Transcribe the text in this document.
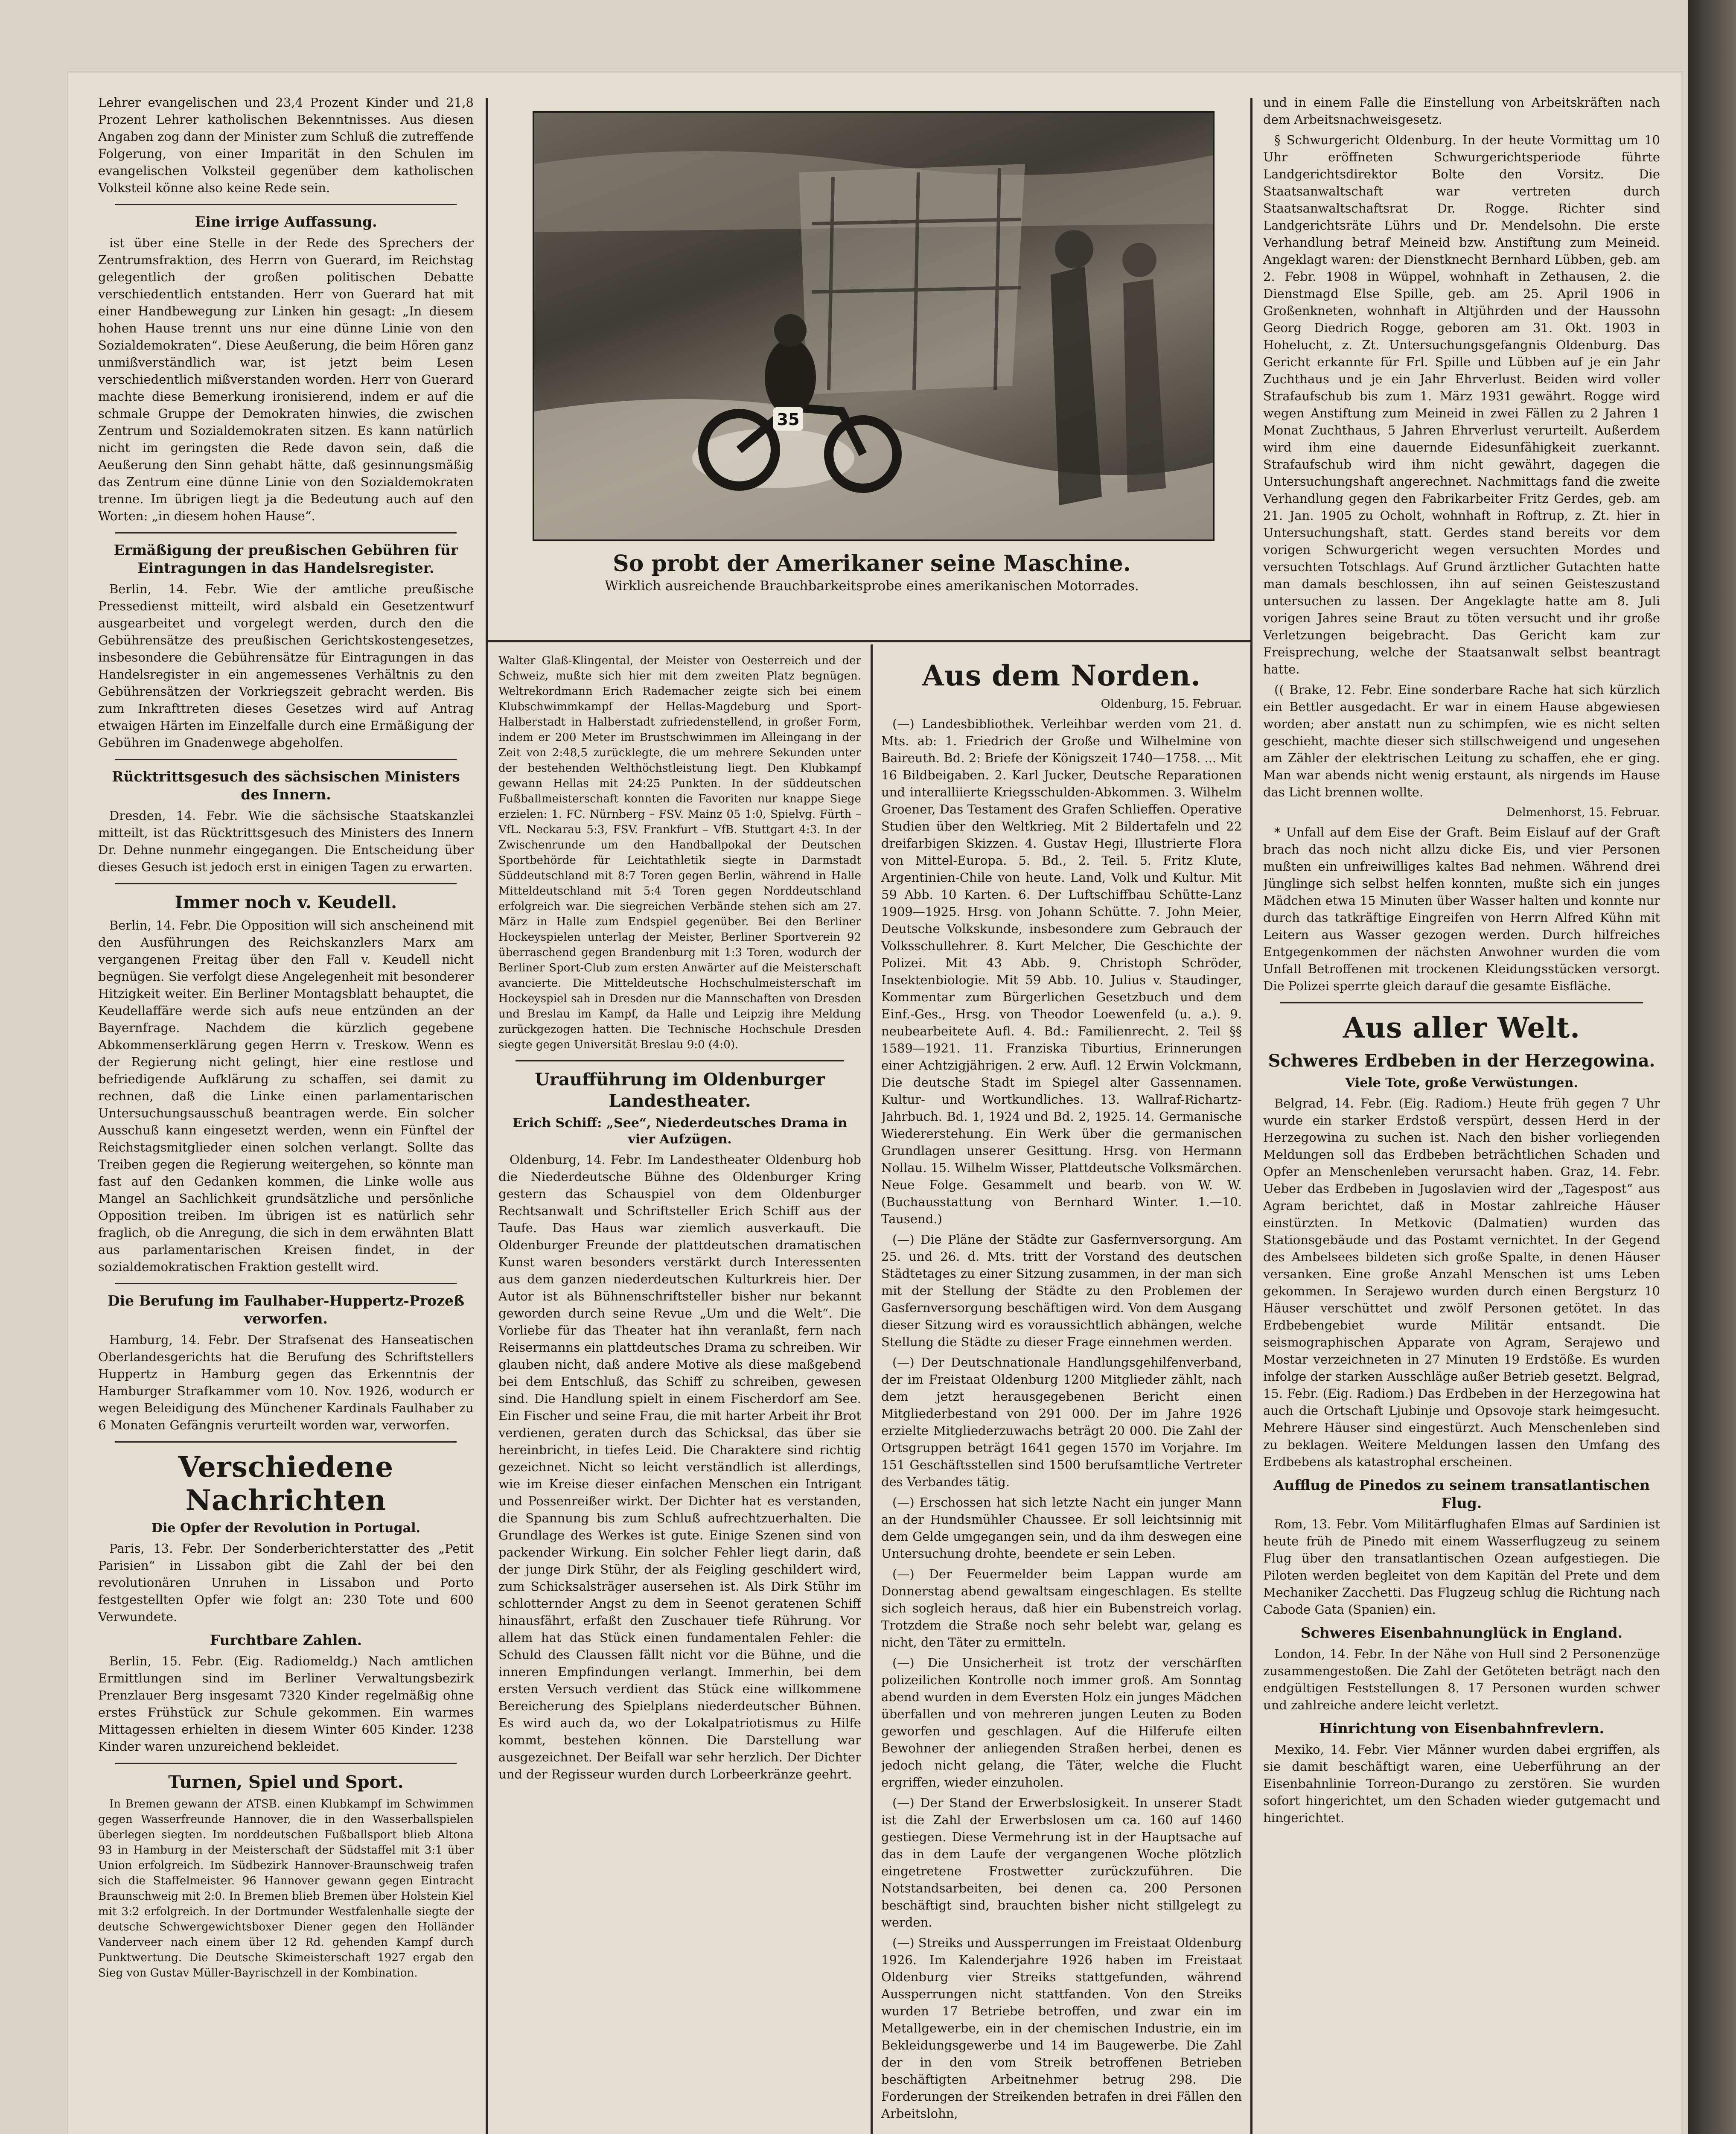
35
So probt der Amerikaner seine Maschine.
Wirklich ausreichende Brauchbarkeitsprobe eines amerikanischen Motorrades.

Lehrer evangelischen und 23,4 Prozent Kinder und 21,8 Prozent Lehrer katholischen Bekenntnisses. Aus diesen Angaben zog dann der Minister zum Schluß die zutreffende Folgerung, von einer Imparität in den Schulen im evangelischen Volksteil gegenüber dem katholischen Volksteil könne also keine Rede sein.

Eine irrige Auffassung.

ist über eine Stelle in der Rede des Sprechers der Zentrumsfraktion, des Herrn von Guerard, im Reichstag gelegentlich der großen politischen Debatte verschiedentlich entstanden. Herr von Guerard hat mit einer Handbewegung zur Linken hin gesagt: „In diesem hohen Hause trennt uns nur eine dünne Linie von den Sozialdemokraten“. Diese Aeußerung, die beim Hören ganz unmißverständlich war, ist jetzt beim Lesen verschiedentlich mißverstanden worden. Herr von Guerard machte diese Bemerkung ironisierend, indem er auf die schmale Gruppe der Demokraten hinwies, die zwischen Zentrum und Sozialdemokraten sitzen. Es kann natürlich nicht im geringsten die Rede davon sein, daß die Aeußerung den Sinn gehabt hätte, daß gesinnungsmäßig das Zentrum eine dünne Linie von den Sozialdemokraten trenne. Im übrigen liegt ja die Bedeutung auch auf den Worten: „in diesem hohen Hause“.

Ermäßigung der preußischen Gebühren für Eintragungen in das Handelsregister.

Berlin, 14. Febr. Wie der amtliche preußische Pressedienst mitteilt, wird alsbald ein Gesetzentwurf ausgearbeitet und vorgelegt werden, durch den die Gebührensätze des preußischen Gerichtskostengesetzes, insbesondere die Gebührensätze für Eintragungen in das Handelsregister in ein angemessenes Verhältnis zu den Gebührensätzen der Vorkriegszeit gebracht werden. Bis zum Inkrafttreten dieses Gesetzes wird auf Antrag etwaigen Härten im Einzelfalle durch eine Ermäßigung der Gebühren im Gnadenwege abgeholfen.

Rücktrittsgesuch des sächsischen Ministers des Innern.

Dresden, 14. Febr. Wie die sächsische Staatskanzlei mitteilt, ist das Rücktrittsgesuch des Ministers des Innern Dr. Dehne nunmehr eingegangen. Die Entscheidung über dieses Gesuch ist jedoch erst in einigen Tagen zu erwarten.

Immer noch v. Keudell.

Berlin, 14. Febr. Die Opposition will sich anscheinend mit den Ausführungen des Reichskanzlers Marx am vergangenen Freitag über den Fall v. Keudell nicht begnügen. Sie verfolgt diese Angelegenheit mit besonderer Hitzigkeit weiter. Ein Berliner Montagsblatt behauptet, die Keudellaffäre werde sich aufs neue entzünden an der Bayernfrage. Nachdem die kürzlich gegebene Abkommenserklärung gegen Herrn v. Treskow. Wenn es der Regierung nicht gelingt, hier eine restlose und befriedigende Aufklärung zu schaffen, sei damit zu rechnen, daß die Linke einen parlamentarischen Untersuchungsausschuß beantragen werde. Ein solcher Ausschuß kann eingesetzt werden, wenn ein Fünftel der Reichstagsmitglieder einen solchen verlangt. Sollte das Treiben gegen die Regierung weitergehen, so könnte man fast auf den Gedanken kommen, die Linke wolle aus Mangel an Sachlichkeit grundsätzliche und persönliche Opposition treiben. Im übrigen ist es natürlich sehr fraglich, ob die Anregung, die sich in dem erwähnten Blatt aus parlamentarischen Kreisen findet, in der sozialdemokratischen Fraktion gestellt wird.

Die Berufung im Faulhaber-Huppertz-Prozeß verworfen.

Hamburg, 14. Febr. Der Strafsenat des Hanseatischen Oberlandesgerichts hat die Berufung des Schriftstellers Huppertz in Hamburg gegen das Erkenntnis der Hamburger Strafkammer vom 10. Nov. 1926, wodurch er wegen Beleidigung des Münchener Kardinals Faulhaber zu 6 Monaten Gefängnis verurteilt worden war, verworfen.

Verschiedene Nachrichten
Die Opfer der Revolution in Portugal.

Paris, 13. Febr. Der Sonderberichterstatter des „Petit Parisien“ in Lissabon gibt die Zahl der bei den revolutionären Unruhen in Lissabon und Porto festgestellten Opfer wie folgt an: 230 Tote und 600 Verwundete.

Furchtbare Zahlen.

Berlin, 15. Febr. (Eig. Radiomeldg.) Nach amtlichen Ermittlungen sind im Berliner Verwaltungsbezirk Prenzlauer Berg insgesamt 7320 Kinder regelmäßig ohne erstes Frühstück zur Schule gekommen. Ein warmes Mittagessen erhielten in diesem Winter 605 Kinder. 1238 Kinder waren unzureichend bekleidet.

Turnen, Spiel und Sport.

In Bremen gewann der ATSB. einen Klubkampf im Schwimmen gegen Wasserfreunde Hannover, die in den Wasserballspielen überlegen siegten. Im norddeutschen Fußballsport blieb Altona 93 in Hamburg in der Meisterschaft der Südstaffel mit 3:1 über Union erfolgreich. Im Südbezirk Hannover-Braunschweig trafen sich die Staffelmeister. 96 Hannover gewann gegen Eintracht Braunschweig mit 2:0. In Bremen blieb Bremen über Holstein Kiel mit 3:2 erfolgreich. In der Dortmunder Westfalenhalle siegte der deutsche Schwergewichtsboxer Diener gegen den Holländer Vanderveer nach einem über 12 Rd. gehenden Kampf durch Punktwertung. Die Deutsche Skimeisterschaft 1927 ergab den Sieg von Gustav Müller-Bayrischzell in der Kombination.

Walter Glaß-Klingental, der Meister von Oesterreich und der Schweiz, mußte sich hier mit dem zweiten Platz begnügen. Weltrekordmann Erich Rademacher zeigte sich bei einem Klubschwimmkampf der Hellas-Magdeburg und Sport-Halberstadt in Halberstadt zufriedenstellend, in großer Form, indem er 200 Meter im Brustschwimmen im Alleingang in der Zeit von 2:48,5 zurücklegte, die um mehrere Sekunden unter der bestehenden Welthöchstleistung liegt. Den Klubkampf gewann Hellas mit 24:25 Punkten. In der süddeutschen Fußballmeisterschaft konnten die Favoriten nur knappe Siege erzielen: 1. FC. Nürnberg – FSV. Mainz 05 1:0, Spielvg. Fürth – VfL. Neckarau 5:3, FSV. Frankfurt – VfB. Stuttgart 4:3. In der Zwischenrunde um den Handballpokal der Deutschen Sportbehörde für Leichtathletik siegte in Darmstadt Süddeutschland mit 8:7 Toren gegen Berlin, während in Halle Mitteldeutschland mit 5:4 Toren gegen Norddeutschland erfolgreich war. Die siegreichen Verbände stehen sich am 27. März in Halle zum Endspiel gegenüber. Bei den Berliner Hockeyspielen unterlag der Meister, Berliner Sportverein 92 überraschend gegen Brandenburg mit 1:3 Toren, wodurch der Berliner Sport-Club zum ersten Anwärter auf die Meisterschaft avancierte. Die Mitteldeutsche Hochschulmeisterschaft im Hockeyspiel sah in Dresden nur die Mannschaften von Dresden und Breslau im Kampf, da Halle und Leipzig ihre Meldung zurückgezogen hatten. Die Technische Hochschule Dresden siegte gegen Universität Breslau 9:0 (4:0).

Uraufführung im Oldenburger Landestheater.
Erich Schiff: „See“, Niederdeutsches Drama in vier Aufzügen.

Oldenburg, 14. Febr. Im Landestheater Oldenburg hob die Niederdeutsche Bühne des Oldenburger Kring gestern das Schauspiel von dem Oldenburger Rechtsanwalt und Schriftsteller Erich Schiff aus der Taufe. Das Haus war ziemlich ausverkauft. Die Oldenburger Freunde der plattdeutschen dramatischen Kunst waren besonders verstärkt durch Interessenten aus dem ganzen niederdeutschen Kulturkreis hier. Der Autor ist als Bühnenschriftsteller bisher nur bekannt geworden durch seine Revue „Um und die Welt“. Die Vorliebe für das Theater hat ihn veranlaßt, fern nach Reisermanns ein plattdeutsches Drama zu schreiben. Wir glauben nicht, daß andere Motive als diese maßgebend bei dem Entschluß, das Schiff zu schreiben, gewesen sind. Die Handlung spielt in einem Fischerdorf am See. Ein Fischer und seine Frau, die mit harter Arbeit ihr Brot verdienen, geraten durch das Schicksal, das über sie hereinbricht, in tiefes Leid. Die Charaktere sind richtig gezeichnet. Nicht so leicht verständlich ist allerdings, wie im Kreise dieser einfachen Menschen ein Intrigant und Possenreißer wirkt. Der Dichter hat es verstanden, die Spannung bis zum Schluß aufrechtzuerhalten. Die Grundlage des Werkes ist gute. Einige Szenen sind von packender Wirkung. Ein solcher Fehler liegt darin, daß der junge Dirk Stühr, der als Feigling geschildert wird, zum Schicksalsträger ausersehen ist. Als Dirk Stühr im schlotternder Angst zu dem in Seenot geratenen Schiff hinausfährt, erfaßt den Zuschauer tiefe Rührung. Vor allem hat das Stück einen fundamentalen Fehler: die Schuld des Claussen fällt nicht vor die Bühne, und die inneren Empfindungen verlangt. Immerhin, bei dem ersten Versuch verdient das Stück eine willkommene Bereicherung des Spielplans niederdeutscher Bühnen. Es wird auch da, wo der Lokalpatriotismus zu Hilfe kommt, bestehen können. Die Darstellung war ausgezeichnet. Der Beifall war sehr herzlich. Der Dichter und der Regisseur wurden durch Lorbeerkränze geehrt.

Aus dem Norden.
Oldenburg, 15. Februar.

(—) Landesbibliothek. Verleihbar werden vom 21. d. Mts. ab: 1. Friedrich der Große und Wilhelmine von Baireuth. Bd. 2: Briefe der Königszeit 1740—1758. ... Mit 16 Bildbeigaben. 2. Karl Jucker, Deutsche Reparationen und interalliierte Kriegsschulden-Abkommen. 3. Wilhelm Groener, Das Testament des Grafen Schlieffen. Operative Studien über den Weltkrieg. Mit 2 Bildertafeln und 22 dreifarbigen Skizzen. 4. Gustav Hegi, Illustrierte Flora von Mittel-Europa. 5. Bd., 2. Teil. 5. Fritz Klute, Argentinien-Chile von heute. Land, Volk und Kultur. Mit 59 Abb. 10 Karten. 6. Der Luftschiffbau Schütte-Lanz 1909—1925. Hrsg. von Johann Schütte. 7. John Meier, Deutsche Volkskunde, insbesondere zum Gebrauch der Volksschullehrer. 8. Kurt Melcher, Die Geschichte der Polizei. Mit 43 Abb. 9. Christoph Schröder, Insektenbiologie. Mit 59 Abb. 10. Julius v. Staudinger, Kommentar zum Bürgerlichen Gesetzbuch und dem Einf.-Ges., Hrsg. von Theodor Loewenfeld (u. a.). 9. neubearbeitete Aufl. 4. Bd.: Familienrecht. 2. Teil §§ 1589—1921. 11. Franziska Tiburtius, Erinnerungen einer Achtzigjährigen. 2 erw. Aufl. 12 Erwin Volckmann, Die deutsche Stadt im Spiegel alter Gassennamen. Kultur- und Wortkundliches. 13. Wallraf-Richartz-Jahrbuch. Bd. 1, 1924 und Bd. 2, 1925. 14. Germanische Wiedererstehung. Ein Werk über die germanischen Grundlagen unserer Gesittung. Hrsg. von Hermann Nollau. 15. Wilhelm Wisser, Plattdeutsche Volksmärchen. Neue Folge. Gesammelt und bearb. von W. W. (Buchausstattung von Bernhard Winter. 1.—10. Tausend.)

(—) Die Pläne der Städte zur Gasfernversorgung. Am 25. und 26. d. Mts. tritt der Vorstand des deutschen Städtetages zu einer Sitzung zusammen, in der man sich mit der Stellung der Städte zu den Problemen der Gasfernversorgung beschäftigen wird. Von dem Ausgang dieser Sitzung wird es voraussichtlich abhängen, welche Stellung die Städte zu dieser Frage einnehmen werden.

(—) Der Deutschnationale Handlungsgehilfenverband, der im Freistaat Oldenburg 1200 Mitglieder zählt, nach dem jetzt herausgegebenen Bericht einen Mitgliederbestand von 291 000. Der im Jahre 1926 erzielte Mitgliederzuwachs beträgt 20 000. Die Zahl der Ortsgruppen beträgt 1641 gegen 1570 im Vorjahre. Im 151 Geschäftsstellen sind 1500 berufsamtliche Vertreter des Verbandes tätig.

(—) Erschossen hat sich letzte Nacht ein junger Mann an der Hundsmühler Chaussee. Er soll leichtsinnig mit dem Gelde umgegangen sein, und da ihm deswegen eine Untersuchung drohte, beendete er sein Leben.

(—) Der Feuermelder beim Lappan wurde am Donnerstag abend gewaltsam eingeschlagen. Es stellte sich sogleich heraus, daß hier ein Bubenstreich vorlag. Trotzdem die Straße noch sehr belebt war, gelang es nicht, den Täter zu ermitteln.

(—) Die Unsicherheit ist trotz der verschärften polizeilichen Kontrolle noch immer groß. Am Sonntag abend wurden in dem Eversten Holz ein junges Mädchen überfallen und von mehreren jungen Leuten zu Boden geworfen und geschlagen. Auf die Hilferufe eilten Bewohner der anliegenden Straßen herbei, denen es jedoch nicht gelang, die Täter, welche die Flucht ergriffen, wieder einzuholen.

(—) Der Stand der Erwerbslosigkeit. In unserer Stadt ist die Zahl der Erwerbslosen um ca. 160 auf 1460 gestiegen. Diese Vermehrung ist in der Hauptsache auf das in dem Laufe der vergangenen Woche plötzlich eingetretene Frostwetter zurückzuführen. Die Notstandsarbeiten, bei denen ca. 200 Personen beschäftigt sind, brauchten bisher nicht stillgelegt zu werden.

(—) Streiks und Aussperrungen im Freistaat Oldenburg 1926. Im Kalenderjahre 1926 haben im Freistaat Oldenburg vier Streiks stattgefunden, während Aussperrungen nicht stattfanden. Von den Streiks wurden 17 Betriebe betroffen, und zwar ein im Metallgewerbe, ein in der chemischen Industrie, ein im Bekleidungsgewerbe und 14 im Baugewerbe. Die Zahl der in den vom Streik betroffenen Betrieben beschäftigten Arbeitnehmer betrug 298. Die Forderungen der Streikenden betrafen in drei Fällen den Arbeitslohn,

und in einem Falle die Einstellung von Arbeitskräften nach dem Arbeitsnachweisgesetz.

§ Schwurgericht Oldenburg. In der heute Vormittag um 10 Uhr eröffneten Schwurgerichtsperiode führte Landgerichtsdirektor Bolte den Vorsitz. Die Staatsanwaltschaft war vertreten durch Staatsanwaltschaftsrat Dr. Rogge. Richter sind Landgerichtsräte Lührs und Dr. Mendelsohn. Die erste Verhandlung betraf Meineid bzw. Anstiftung zum Meineid. Angeklagt waren: der Dienstknecht Bernhard Lübben, geb. am 2. Febr. 1908 in Wüppel, wohnhaft in Zethausen, 2. die Dienstmagd Else Spille, geb. am 25. April 1906 in Großenkneten, wohnhaft in Altjührden und der Haussohn Georg Diedrich Rogge, geboren am 31. Okt. 1903 in Hohelucht, z. Zt. Untersuchungsgefangnis Oldenburg. Das Gericht erkannte für Frl. Spille und Lübben auf je ein Jahr Zuchthaus und je ein Jahr Ehrverlust. Beiden wird voller Strafaufschub bis zum 1. März 1931 gewährt. Rogge wird wegen Anstiftung zum Meineid in zwei Fällen zu 2 Jahren 1 Monat Zuchthaus, 5 Jahren Ehrverlust verurteilt. Außerdem wird ihm eine dauernde Eidesunfähigkeit zuerkannt. Strafaufschub wird ihm nicht gewährt, dagegen die Untersuchungshaft angerechnet. Nachmittags fand die zweite Verhandlung gegen den Fabrikarbeiter Fritz Gerdes, geb. am 21. Jan. 1905 zu Ocholt, wohnhaft in Roftrup, z. Zt. hier in Untersuchungshaft, statt. Gerdes stand bereits vor dem vorigen Schwurgericht wegen versuchten Mordes und versuchten Totschlags. Auf Grund ärztlicher Gutachten hatte man damals beschlossen, ihn auf seinen Geisteszustand untersuchen zu lassen. Der Angeklagte hatte am 8. Juli vorigen Jahres seine Braut zu töten versucht und ihr große Verletzungen beigebracht. Das Gericht kam zur Freisprechung, welche der Staatsanwalt selbst beantragt hatte.

(( Brake, 12. Febr. Eine sonderbare Rache hat sich kürzlich ein Bettler ausgedacht. Er war in einem Hause abgewiesen worden; aber anstatt nun zu schimpfen, wie es nicht selten geschieht, machte dieser sich stillschweigend und ungesehen am Zähler der elektrischen Leitung zu schaffen, ehe er ging. Man war abends nicht wenig erstaunt, als nirgends im Hause das Licht brennen wollte.

Delmenhorst, 15. Februar.

* Unfall auf dem Eise der Graft. Beim Eislauf auf der Graft brach das noch nicht allzu dicke Eis, und vier Personen mußten ein unfreiwilliges kaltes Bad nehmen. Während drei Jünglinge sich selbst helfen konnten, mußte sich ein junges Mädchen etwa 15 Minuten über Wasser halten und konnte nur durch das tatkräftige Eingreifen von Herrn Alfred Kühn mit Leitern aus Wasser gezogen werden. Durch hilfreiches Entgegenkommen der nächsten Anwohner wurden die vom Unfall Betroffenen mit trockenen Kleidungsstücken versorgt. Die Polizei sperrte gleich darauf die gesamte Eisfläche.

Aus aller Welt.
Schweres Erdbeben in der Herzegowina.
Viele Tote, große Verwüstungen.

Belgrad, 14. Febr. (Eig. Radiom.) Heute früh gegen 7 Uhr wurde ein starker Erdstoß verspürt, dessen Herd in der Herzegowina zu suchen ist. Nach den bisher vorliegenden Meldungen soll das Erdbeben beträchtlichen Schaden und Opfer an Menschenleben verursacht haben. Graz, 14. Febr. Ueber das Erdbeben in Jugoslavien wird der „Tagespost“ aus Agram berichtet, daß in Mostar zahlreiche Häuser einstürzten. In Metkovic (Dalmatien) wurden das Stationsgebäude und das Postamt vernichtet. In der Gegend des Ambelsees bildeten sich große Spalte, in denen Häuser versanken. Eine große Anzahl Menschen ist ums Leben gekommen. In Serajewo wurden durch einen Bergsturz 10 Häuser verschüttet und zwölf Personen getötet. In das Erdbebengebiet wurde Militär entsandt. Die seismographischen Apparate von Agram, Serajewo und Mostar verzeichneten in 27 Minuten 19 Erdstöße. Es wurden infolge der starken Ausschläge außer Betrieb gesetzt. Belgrad, 15. Febr. (Eig. Radiom.) Das Erdbeben in der Herzegowina hat auch die Ortschaft Ljubinje und Opsovoje stark heimgesucht. Mehrere Häuser sind eingestürzt. Auch Menschenleben sind zu beklagen. Weitere Meldungen lassen den Umfang des Erdbebens als katastrophal erscheinen.

Aufflug de Pinedos zu seinem transatlantischen Flug.

Rom, 13. Febr. Vom Militärflughafen Elmas auf Sardinien ist heute früh de Pinedo mit einem Wasserflugzeug zu seinem Flug über den transatlantischen Ozean aufgestiegen. Die Piloten werden begleitet von dem Kapitän del Prete und dem Mechaniker Zacchetti. Das Flugzeug schlug die Richtung nach Cabode Gata (Spanien) ein.

Schweres Eisenbahnunglück in England.

London, 14. Febr. In der Nähe von Hull sind 2 Personenzüge zusammengestoßen. Die Zahl der Getöteten beträgt nach den endgültigen Feststellungen 8. 17 Personen wurden schwer und zahlreiche andere leicht verletzt.

Hinrichtung von Eisenbahnfrevlern.

Mexiko, 14. Febr. Vier Männer wurden dabei ergriffen, als sie damit beschäftigt waren, eine Ueberführung an der Eisenbahnlinie Torreon-Durango zu zerstören. Sie wurden sofort hingerichtet, um den Schaden wieder gutgemacht und hingerichtet.
